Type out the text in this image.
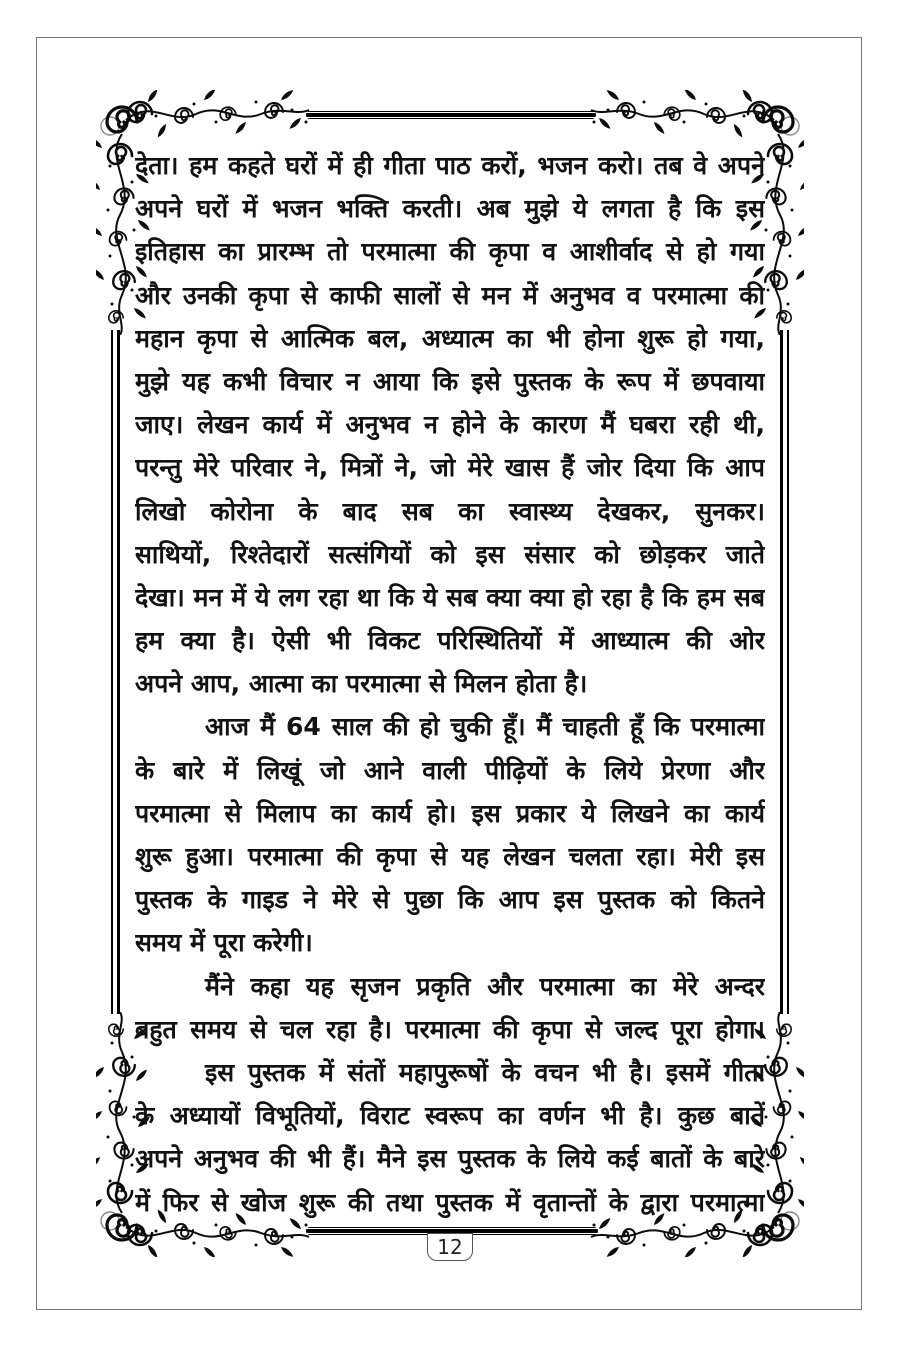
देता। हम कहते घरों में ही गीता पाठ करों, भजन करो। तब वे अपने
अपने घरों में भजन भक्ति करती। अब मुझे ये लगता है कि इस
इतिहास का प्रारम्भ तो परमात्मा की कृपा व आशीर्वाद से हो गया
और उनकी कृपा से काफी सालों से मन में अनुभव व परमात्मा की
महान कृपा से आत्मिक बल, अध्यात्म का भी होना शुरू हो गया,
मुझे यह कभी विचार न आया कि इसे पुस्तक के रूप में छपवाया
जाए। लेखन कार्य में अनुभव न होने के कारण मैं घबरा रही थी,
परन्तु मेरे परिवार ने, मित्रों ने, जो मेरे खास हैं जोर दिया कि आप
लिखो कोरोना के बाद सब का स्वास्थ्य देखकर, सुनकर।
साथियों, रिश्तेदारों सत्संगियों को इस संसार को छोड़कर जाते
देखा। मन में ये लग रहा था कि ये सब क्या क्या हो रहा है कि हम सब
हम क्या है। ऐसी भी विकट परिस्थितियों में आध्यात्म की ओर
अपने आप, आत्मा का परमात्मा से मिलन होता है।
आज मैं 64 साल की हो चुकी हूँ। मैं चाहती हूँ कि परमात्मा
के बारे में लिखूं जो आने वाली पीढ़ियों के लिये प्रेरणा और
परमात्मा से मिलाप का कार्य हो। इस प्रकार ये लिखने का कार्य
शुरू हुआ। परमात्मा की कृपा से यह लेखन चलता रहा। मेरी इस
पुस्तक के गाइड ने मेरे से पुछा कि आप इस पुस्तक को कितने
समय में पूरा करेगी।
मैंने कहा यह सृजन प्रकृति और परमात्मा का मेरे अन्दर
बहुत समय से चल रहा है। परमात्मा की कृपा से जल्द पूरा होगा।
इस पुस्तक में संतों महापुरूषों के वचन भी है। इसमें गीता
के अध्यायों विभूतियों, विराट स्वरूप का वर्णन भी है। कुछ बातें
अपने अनुभव की भी हैं। मैने इस पुस्तक के लिये कई बातों के बारे
में फिर से खोज शुरू की तथा पुस्तक में वृतान्तों के द्वारा परमात्मा
12
